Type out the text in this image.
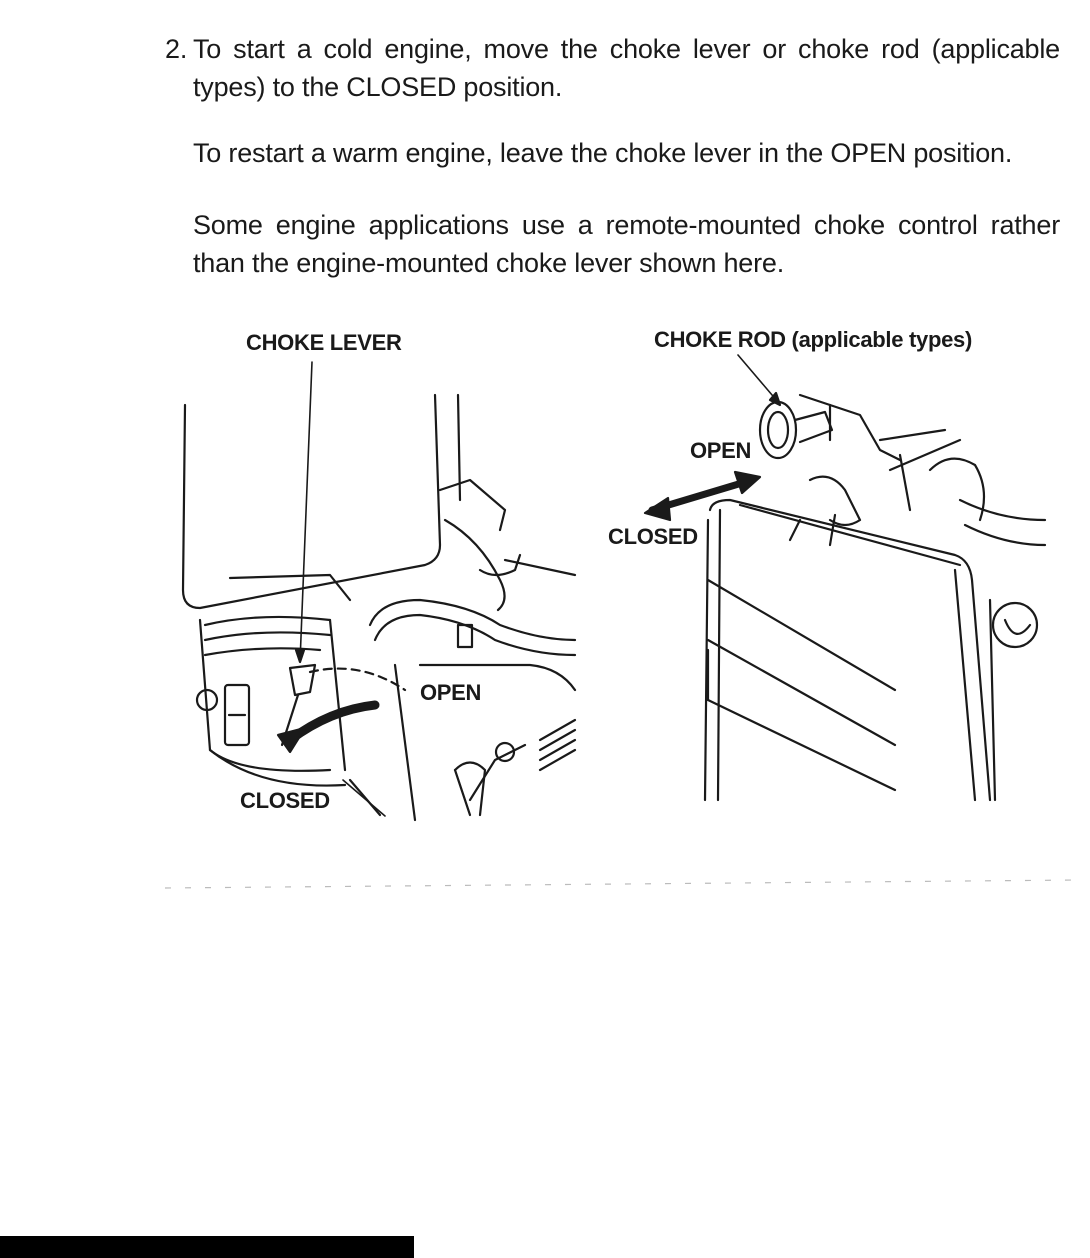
2. To start a cold engine, move the choke lever or choke rod (applicable types) to the CLOSED position.

To restart a warm engine, leave the choke lever in the OPEN position.

Some engine applications use a remote-mounted choke control rather than the engine-mounted choke lever shown here.

CHOKE LEVER
OPEN
CLOSED
CHOKE ROD (applicable types)
OPEN
CLOSED
